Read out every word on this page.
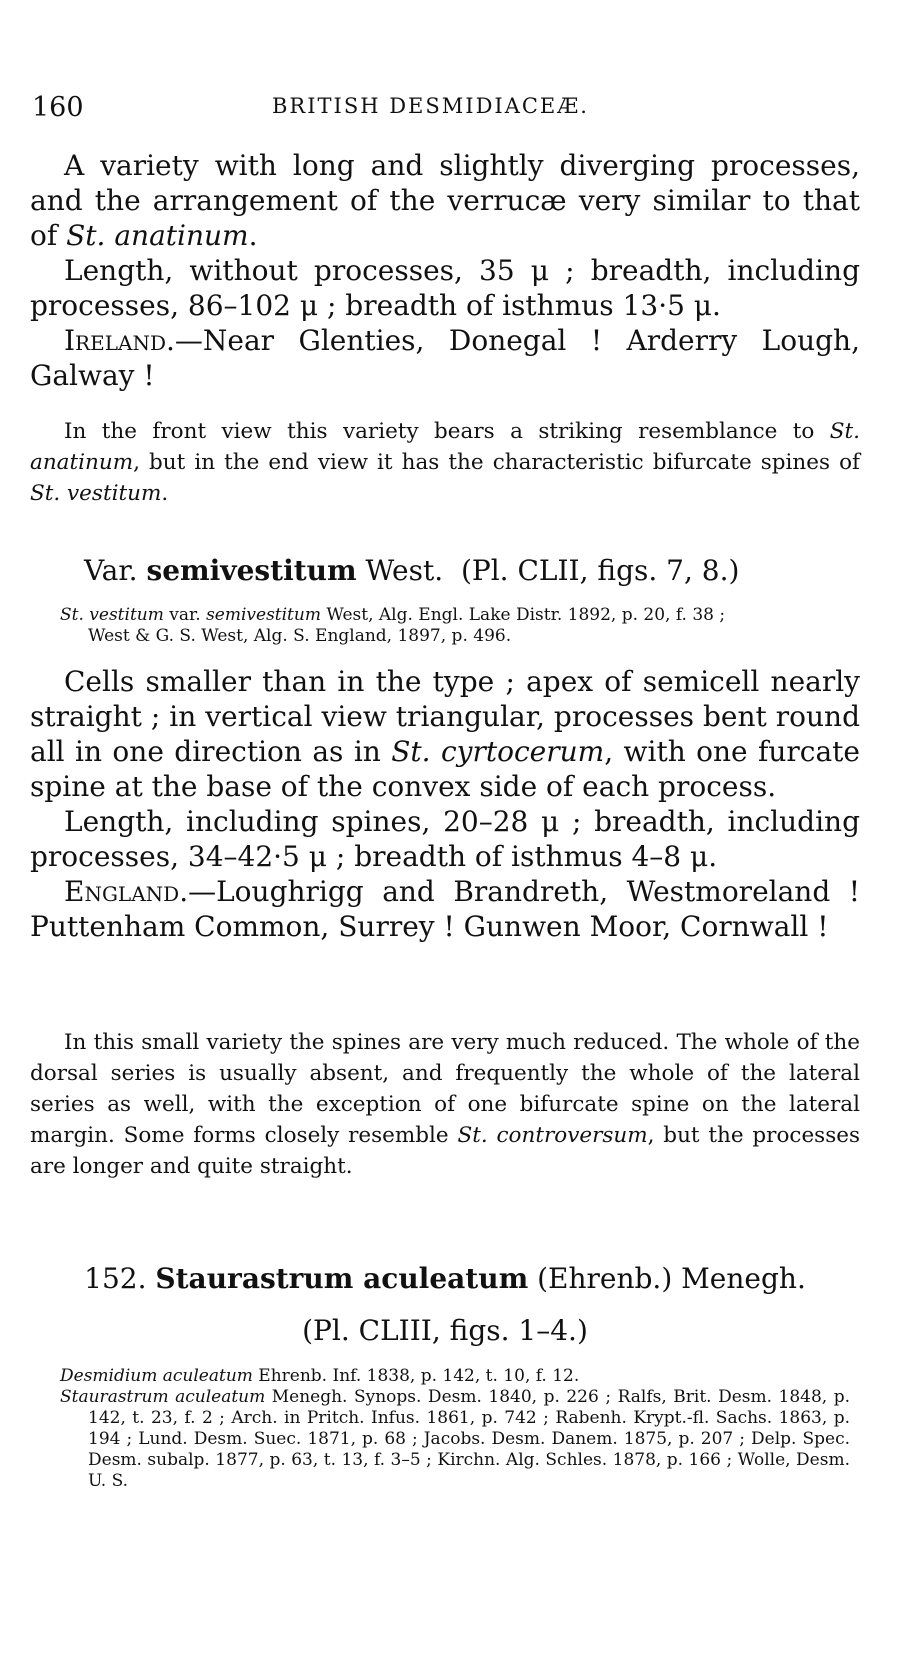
160	BRITISH DESMIDIACEÆ.

A variety with long and slightly diverging processes, and the arrangement of the verrucæ very similar to that of St. anatinum.

Length, without processes, 35 μ ; breadth, including processes, 86–102 μ ; breadth of isthmus 13·5 μ.

Ireland.—Near Glenties, Donegal ! Arderry Lough, Galway !

In the front view this variety bears a striking resemblance to St. anatinum, but in the end view it has the characteristic bifurcate spines of St. vestitum.

Var. semivestitum West.  (Pl. CLII, figs. 7, 8.)

St. vestitum var. semivestitum West, Alg. Engl. Lake Distr. 1892, p. 20, f. 38 ;

West & G. S. West, Alg. S. England, 1897, p. 496.

Cells smaller than in the type ; apex of semicell nearly straight ; in vertical view triangular, processes bent round all in one direction as in St. cyrtocerum, with one furcate spine at the base of the convex side of each process.

Length, including spines, 20–28 μ ; breadth, including processes, 34–42·5 μ ; breadth of isthmus 4–8 μ.

England.—Loughrigg and Brandreth, Westmoreland ! Puttenham Common, Surrey ! Gunwen Moor, Cornwall !

In this small variety the spines are very much reduced. The whole of the dorsal series is usually absent, and frequently the whole of the lateral series as well, with the exception of one bifurcate spine on the lateral margin. Some forms closely resemble St. controversum, but the processes are longer and quite straight.

152. Staurastrum aculeatum (Ehrenb.) Menegh.
(Pl. CLIII, figs. 1–4.)

Desmidium aculeatum Ehrenb. Inf. 1838, p. 142, t. 10, f. 12.

Staurastrum aculeatum Menegh. Synops. Desm. 1840, p. 226 ; Ralfs, Brit. Desm. 1848, p. 142, t. 23, f. 2 ; Arch. in Pritch. Infus. 1861, p. 742 ; Rabenh. Krypt.-fl. Sachs. 1863, p. 194 ; Lund. Desm. Suec. 1871, p. 68 ; Jacobs. Desm. Danem. 1875, p. 207 ; Delp. Spec. Desm. subalp. 1877, p. 63, t. 13, f. 3–5 ; Kirchn. Alg. Schles. 1878, p. 166 ; Wolle, Desm. U. S.
